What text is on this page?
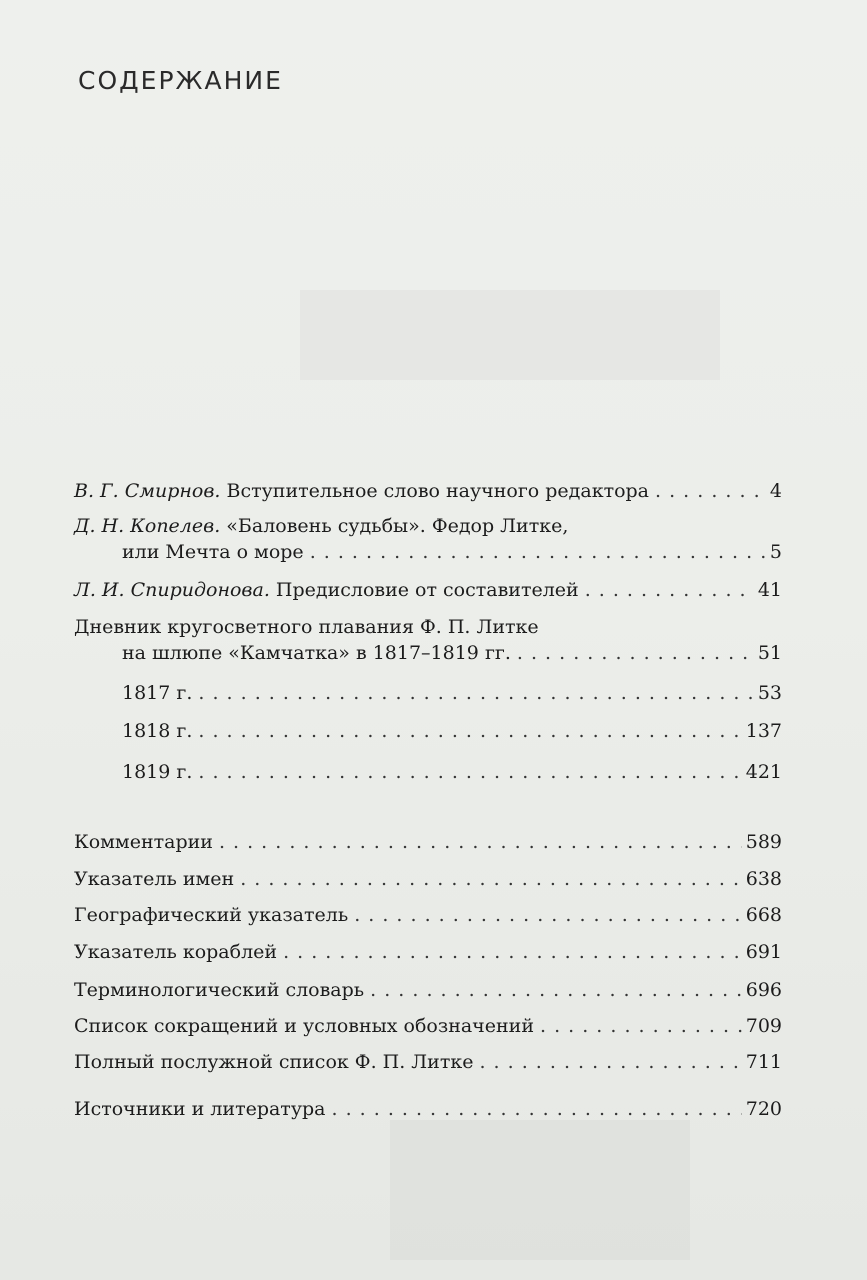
СОДЕРЖАНИЕ
В. Г. Смирнов. Вступительное слово научного редактора . . .	4
Д. Н. Копелев. «Баловень судьбы». Федор Литке,
или Мечта о море . . .	5
Л. И. Спиридонова. Предисловие от составителей . . .	41
Дневник кругосветного плавания Ф. П. Литке
на шлюпе «Камчатка» в 1817–1819 гг. . . .	51
1817 г. . . .	53
1818 г. . . .	137
1819 г. . . .	421
Комментарии . . .	589
Указатель имен . . .	638
Географический указатель . . .	668
Указатель кораблей . . .	691
Терминологический словарь . . .	696
Список сокращений и условных обозначений . . .	709
Полный послужной список Ф. П. Литке . . .	711
Источники и литература . . .	720
